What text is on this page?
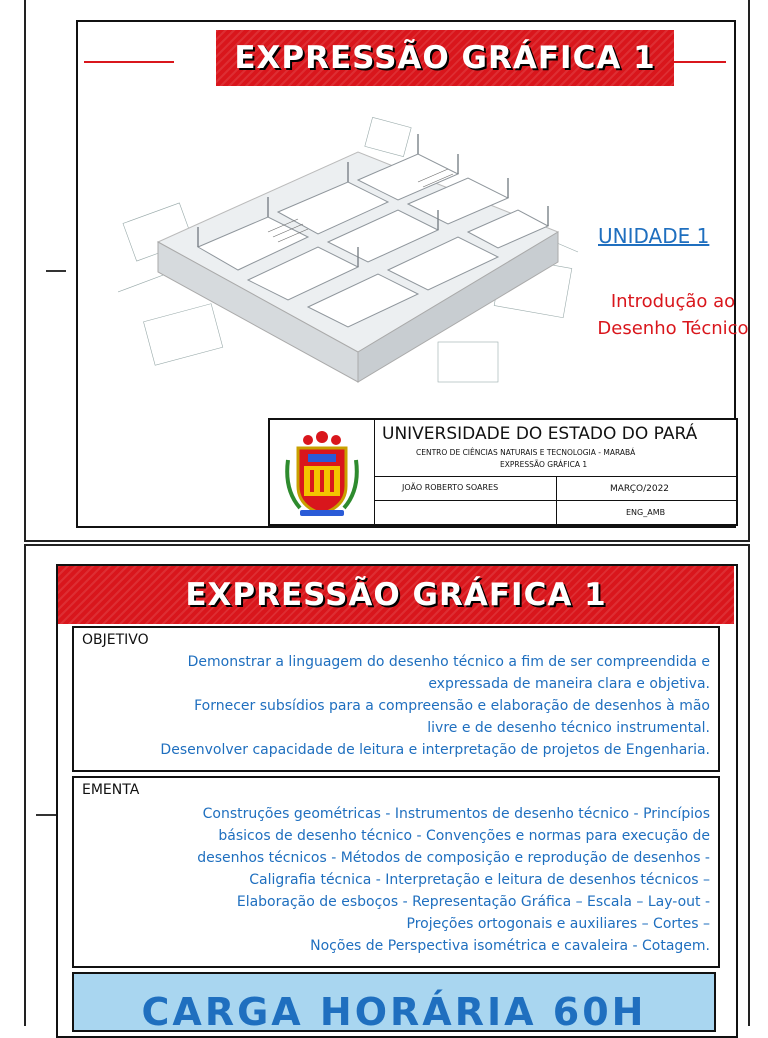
EXPRESSÃO GRÁFICA 1
UNIDADE 1
Introdução ao
Desenho Técnico
UNIVERSIDADE DO ESTADO DO PARÁ
CENTRO DE CIÊNCIAS NATURAIS E TECNOLOGIA - MARABÁ
EXPRESSÃO GRÁFICA 1
JOÃO ROBERTO SOARES	MARÇO/2022
ENG_AMB
EXPRESSÃO GRÁFICA 1
OBJETIVO
Demonstrar a linguagem do desenho técnico a fim de ser compreendida e
expressada de maneira clara e objetiva.
Fornecer subsídios para a compreensão e elaboração de desenhos à mão
livre e de desenho técnico instrumental.
Desenvolver capacidade de leitura e interpretação de projetos de Engenharia.
EMENTA
Construções geométricas - Instrumentos de desenho técnico - Princípios
básicos de desenho técnico - Convenções e normas para execução de
desenhos técnicos - Métodos de composição e reprodução de desenhos -
Caligrafia técnica - Interpretação e leitura de desenhos técnicos –
Elaboração de esboços - Representação Gráfica – Escala – Lay-out -
Projeções ortogonais e auxiliares – Cortes –
Noções de Perspectiva isométrica e cavaleira - Cotagem.
CARGA HORÁRIA 60H
